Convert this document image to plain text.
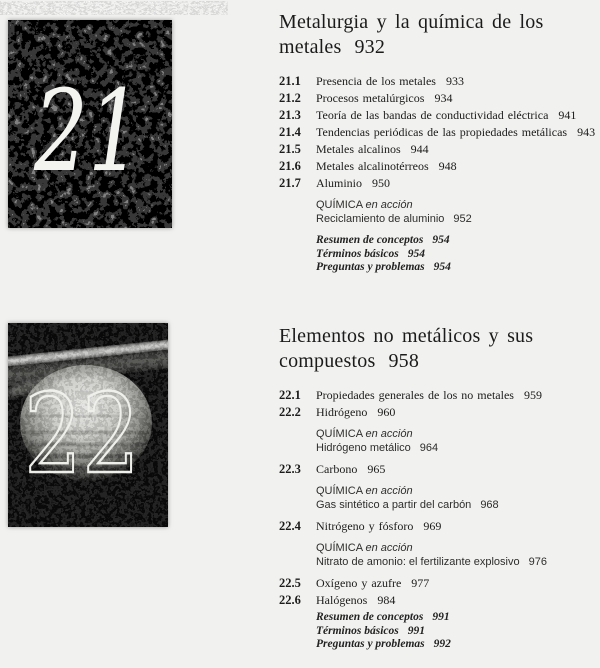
21
22
Metalurgia y la química de los metales 932
21.1	Presencia de los metales 933
21.2	Procesos metalúrgicos 934
21.3	Teoría de las bandas de conductividad eléctrica 941
21.4	Tendencias periódicas de las propiedades metálicas 943
21.5	Metales alcalinos 944
21.6	Metales alcalinotérreos 948
21.7	Aluminio 950
QUÍMICA en acción
Reciclamiento de aluminio 952
Resumen de conceptos 954
Términos básicos 954
Preguntas y problemas 954
Elementos no metálicos y sus compuestos 958
22.1	Propiedades generales de los no metales 959
22.2	Hidrógeno 960
QUÍMICA en acción
Hidrógeno metálico 964
22.3	Carbono 965
QUÍMICA en acción
Gas sintético a partir del carbón 968
22.4	Nitrógeno y fósforo 969
QUÍMICA en acción
Nitrato de amonio: el fertilizante explosivo 976
22.5	Oxígeno y azufre 977
22.6	Halógenos 984
Resumen de conceptos 991
Términos básicos 991
Preguntas y problemas 992
